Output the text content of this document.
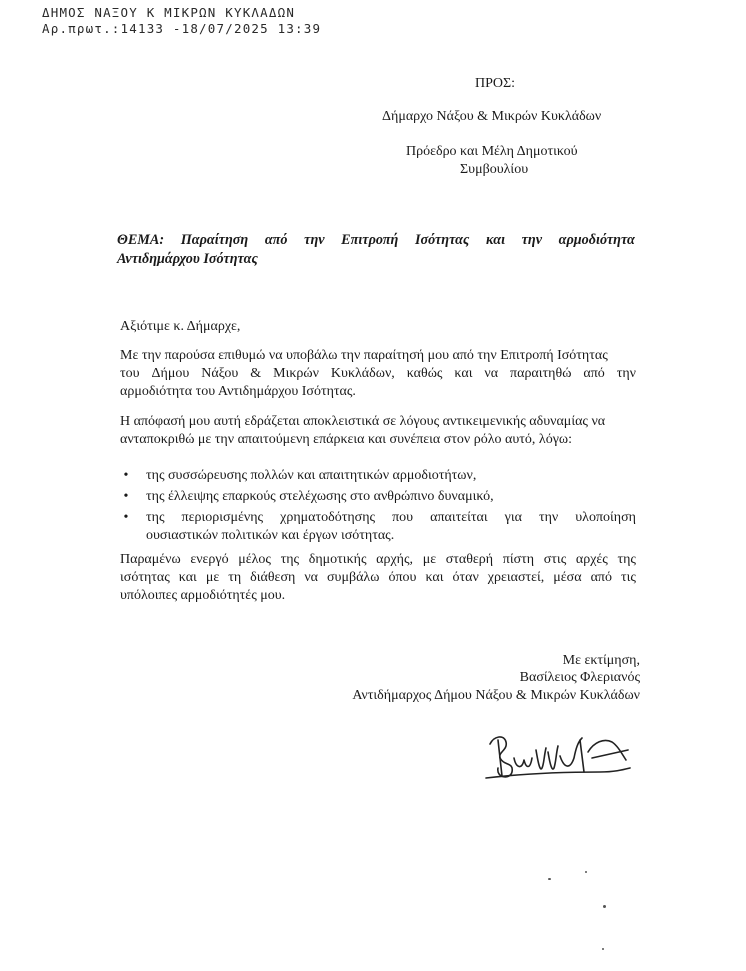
ΔΗΜΟΣ ΝΑΞΟΥ Κ ΜΙΚΡΩΝ ΚΥΚΛΑΔΩΝ
Αρ.πρωτ.:14133 -18/07/2025 13:39
ΠΡΟΣ:
Δήμαρχο Νάξου & Μικρών Κυκλάδων
Πρόεδρο και Μέλη Δημοτικού
Συμβουλίου
ΘΕΜΑ: Παραίτηση από την Επιτροπή Ισότητας και την αρμοδιότητα
Αντιδημάρχου Ισότητας
Αξιότιμε κ. Δήμαρχε,
Με την παρούσα επιθυμώ να υποβάλω την παραίτησή μου από την Επιτροπή Ισότητας
του Δήμου Νάξου & Μικρών Κυκλάδων, καθώς και να παραιτηθώ από την
αρμοδιότητα του Αντιδημάρχου Ισότητας.
Η απόφασή μου αυτή εδράζεται αποκλειστικά σε λόγους αντικειμενικής αδυναμίας να
ανταποκριθώ με την απαιτούμενη επάρκεια και συνέπεια στον ρόλο αυτό, λόγω:
•	της συσσώρευσης πολλών και απαιτητικών αρμοδιοτήτων,
•	της έλλειψης επαρκούς στελέχωσης στο ανθρώπινο δυναμικό,
•	της περιορισμένης χρηματοδότησης που απαιτείται για την υλοποίηση
ουσιαστικών πολιτικών και έργων ισότητας.
Παραμένω ενεργό μέλος της δημοτικής αρχής, με σταθερή πίστη στις αρχές της
ισότητας και με τη διάθεση να συμβάλω όπου και όταν χρειαστεί, μέσα από τις
υπόλοιπες αρμοδιότητές μου.
Με εκτίμηση,
Βασίλειος Φλεριανός
Αντιδήμαρχος Δήμου Νάξου & Μικρών Κυκλάδων
